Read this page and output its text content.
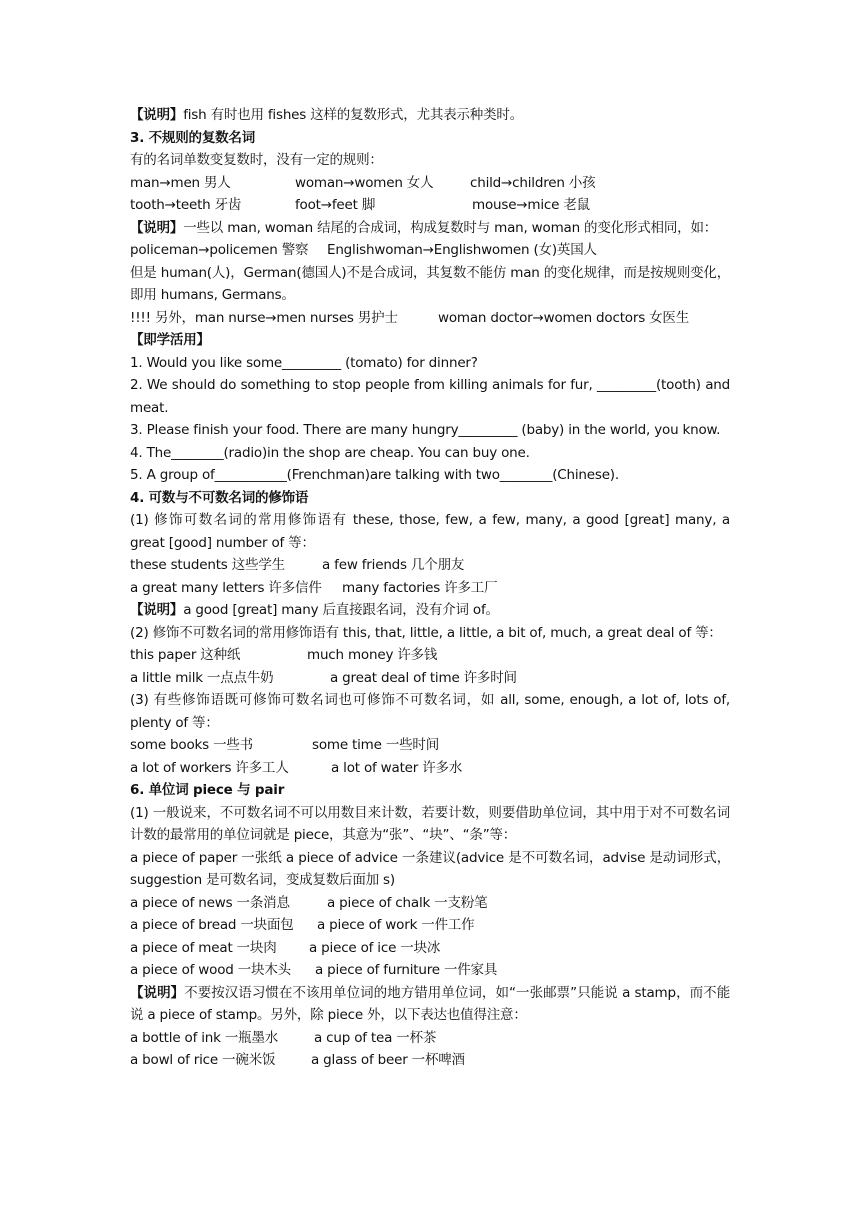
【说明】fish 有时也用 fishes 这样的复数形式，尤其表示种类时。
3. 不规则的复数名词
有的名词单数变复数时，没有一定的规则：
man→men 男人	woman→women 女人	child→children 小孩
tooth→teeth 牙齿	foot→feet 脚	mouse→mice 老鼠
【说明】一些以 man, woman 结尾的合成词，构成复数时与 man, woman 的变化形式相同，如：
policeman→policemen 警察 Englishwoman→Englishwomen (女)英国人
但是 human(人)，German(德国人)不是合成词，其复数不能仿 man 的变化规律，而是按规则变化，即用 humans, Germans。
!!!! 另外，man nurse→men nurses 男护士	woman doctor→women doctors 女医生
【即学活用】
1. Would you like some_________ (tomato) for dinner?
2. We should do something to stop people from killing animals for fur, _________(tooth) and meat.
3. Please finish your food. There are many hungry_________ (baby) in the world, you know.
4. The________(radio)in the shop are cheap. You can buy one.
5. A group of___________(Frenchman)are talking with two________(Chinese).
4. 可数与不可数名词的修饰语
(1) 修饰可数名词的常用修饰语有 these, those, few, a few, many, a good [great] many, a great [good] number of 等：
these students 这些学生	a few friends 几个朋友
a great many letters 许多信件 many factories 许多工厂
【说明】a good [great] many 后直接跟名词，没有介词 of。
(2) 修饰不可数名词的常用修饰语有 this, that, little, a little, a bit of, much, a great deal of 等：
this paper 这种纸	much money 许多钱
a little milk 一点点牛奶	a great deal of time 许多时间
(3) 有些修饰语既可修饰可数名词也可修饰不可数名词，如 all, some, enough, a lot of, lots of, plenty of 等：
some books 一些书	some time 一些时间
a lot of workers 许多工人	a lot of water 许多水
6. 单位词 piece 与 pair
(1) 一般说来，不可数名词不可以用数目来计数，若要计数，则要借助单位词，其中用于对不可数名词计数的最常用的单位词就是 piece，其意为“张”、“块”、“条”等：
a piece of paper 一张纸 a piece of advice 一条建议(advice 是不可数名词，advise 是动词形式，suggestion 是可数名词，变成复数后面加 s)
a piece of news 一条消息	a piece of chalk 一支粉笔
a piece of bread 一块面包 a piece of work 一件工作
a piece of meat 一块肉 a piece of ice 一块冰
a piece of wood 一块木头 a piece of furniture 一件家具
【说明】不要按汉语习惯在不该用单位词的地方错用单位词，如“一张邮票”只能说 a stamp，而不能说 a piece of stamp。另外，除 piece 外，以下表达也值得注意：
a bottle of ink 一瓶墨水	a cup of tea 一杯茶
a bowl of rice 一碗米饭	a glass of beer 一杯啤酒
